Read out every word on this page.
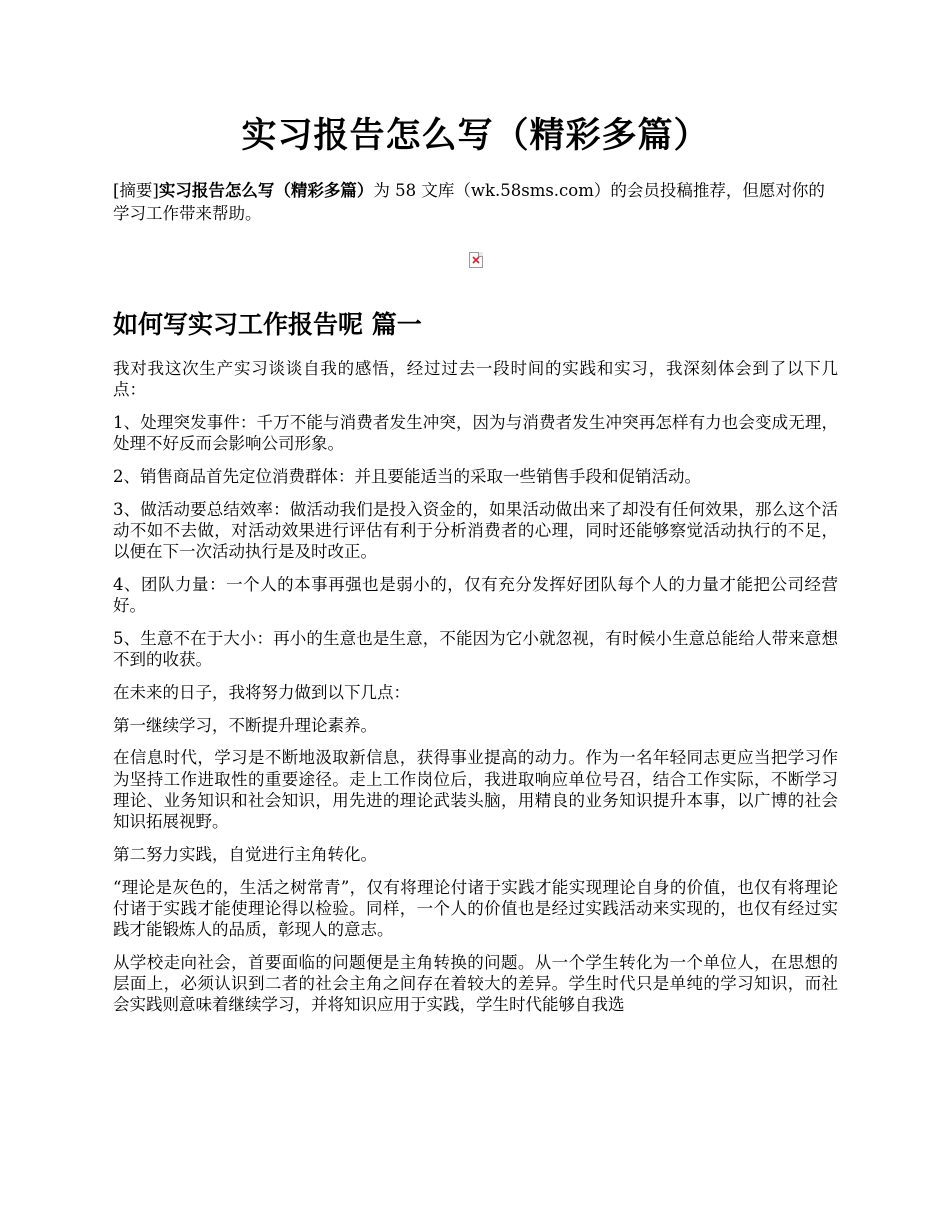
实习报告怎么写（精彩多篇）

[摘要]实习报告怎么写（精彩多篇）为 58 文库（wk.58sms.com）的会员投稿推荐，但愿对你的学习工作带来帮助。

如何写实习工作报告呢 篇一

我对我这次生产实习谈谈自我的感悟，经过过去一段时间的实践和实习，我深刻体会到了以下几点：

1、处理突发事件：千万不能与消费者发生冲突，因为与消费者发生冲突再怎样有力也会变成无理，处理不好反而会影响公司形象。

2、销售商品首先定位消费群体：并且要能适当的采取一些销售手段和促销活动。

3、做活动要总结效率：做活动我们是投入资金的，如果活动做出来了却没有任何效果，那么这个活动不如不去做，对活动效果进行评估有利于分析消费者的心理，同时还能够察觉活动执行的不足，以便在下一次活动执行是及时改正。

4、团队力量：一个人的本事再强也是弱小的，仅有充分发挥好团队每个人的力量才能把公司经营好。

5、生意不在于大小：再小的生意也是生意，不能因为它小就忽视，有时候小生意总能给人带来意想不到的收获。

在未来的日子，我将努力做到以下几点：

第一继续学习，不断提升理论素养。

在信息时代，学习是不断地汲取新信息，获得事业提高的动力。作为一名年轻同志更应当把学习作为坚持工作进取性的重要途径。走上工作岗位后，我进取响应单位号召，结合工作实际，不断学习理论、业务知识和社会知识，用先进的理论武装头脑，用精良的业务知识提升本事，以广博的社会知识拓展视野。

第二努力实践，自觉进行主角转化。

“理论是灰色的，生活之树常青”，仅有将理论付诸于实践才能实现理论自身的价值，也仅有将理论付诸于实践才能使理论得以检验。同样，一个人的价值也是经过实践活动来实现的，也仅有经过实践才能锻炼人的品质，彰现人的意志。

从学校走向社会，首要面临的问题便是主角转换的问题。从一个学生转化为一个单位人，在思想的层面上，必须认识到二者的社会主角之间存在着较大的差异。学生时代只是单纯的学习知识，而社会实践则意味着继续学习，并将知识应用于实践，学生时代能够自我选
